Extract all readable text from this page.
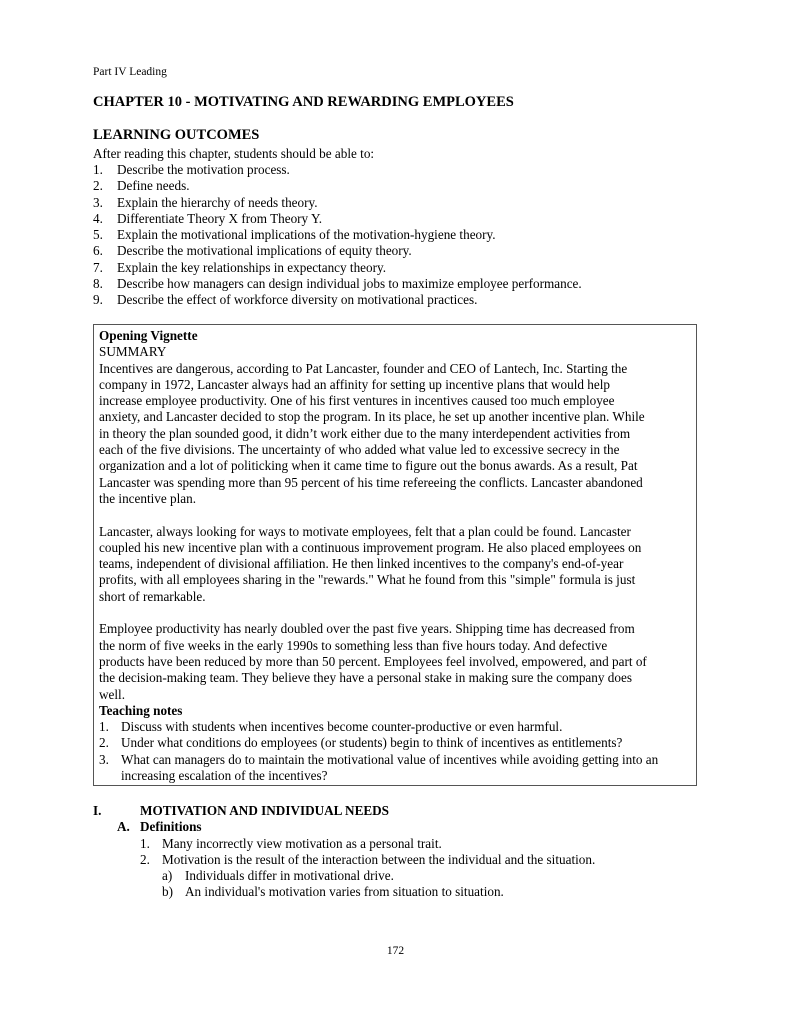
Part IV Leading
CHAPTER 10 - MOTIVATING AND REWARDING EMPLOYEES
LEARNING OUTCOMES
After reading this chapter, students should be able to:
1. Describe the motivation process.
2. Define needs.
3. Explain the hierarchy of needs theory.
4. Differentiate Theory X from Theory Y.
5. Explain the motivational implications of the motivation-hygiene theory.
6. Describe the motivational implications of equity theory.
7. Explain the key relationships in expectancy theory.
8. Describe how managers can design individual jobs to maximize employee performance.
9. Describe the effect of workforce diversity on motivational practices.
Opening Vignette
SUMMARY

Incentives are dangerous, according to Pat Lancaster, founder and CEO of Lantech, Inc. Starting the

company in 1972, Lancaster always had an affinity for setting up incentive plans that would help

increase employee productivity. One of his first ventures in incentives caused too much employee

anxiety, and Lancaster decided to stop the program. In its place, he set up another incentive plan. While

in theory the plan sounded good, it didn’t work either due to the many interdependent activities from

each of the five divisions. The uncertainty of who added what value led to excessive secrecy in the

organization and a lot of politicking when it came time to figure out the bonus awards. As a result, Pat

Lancaster was spending more than 95 percent of his time refereeing the conflicts. Lancaster abandoned

the incentive plan.

Lancaster, always looking for ways to motivate employees, felt that a plan could be found. Lancaster

coupled his new incentive plan with a continuous improvement program. He also placed employees on

teams, independent of divisional affiliation. He then linked incentives to the company's end-of-year

profits, with all employees sharing in the "rewards." What he found from this "simple" formula is just

short of remarkable.

Employee productivity has nearly doubled over the past five years. Shipping time has decreased from

the norm of five weeks in the early 1990s to something less than five hours today. And defective

products have been reduced by more than 50 percent. Employees feel involved, empowered, and part of

the decision-making team. They believe they have a personal stake in making sure the company does

well.

Teaching notes
1. Discuss with students when incentives become counter-productive or even harmful.
2. Under what conditions do employees (or students) begin to think of incentives as entitlements?
3. What can managers do to maintain the motivational value of incentives while avoiding getting into an increasing escalation of the incentives?
I.	MOTIVATION AND INDIVIDUAL NEEDS
A. Definitions
1. Many incorrectly view motivation as a personal trait.
2. Motivation is the result of the interaction between the individual and the situation.
a) Individuals differ in motivational drive.
b) An individual's motivation varies from situation to situation.
172
